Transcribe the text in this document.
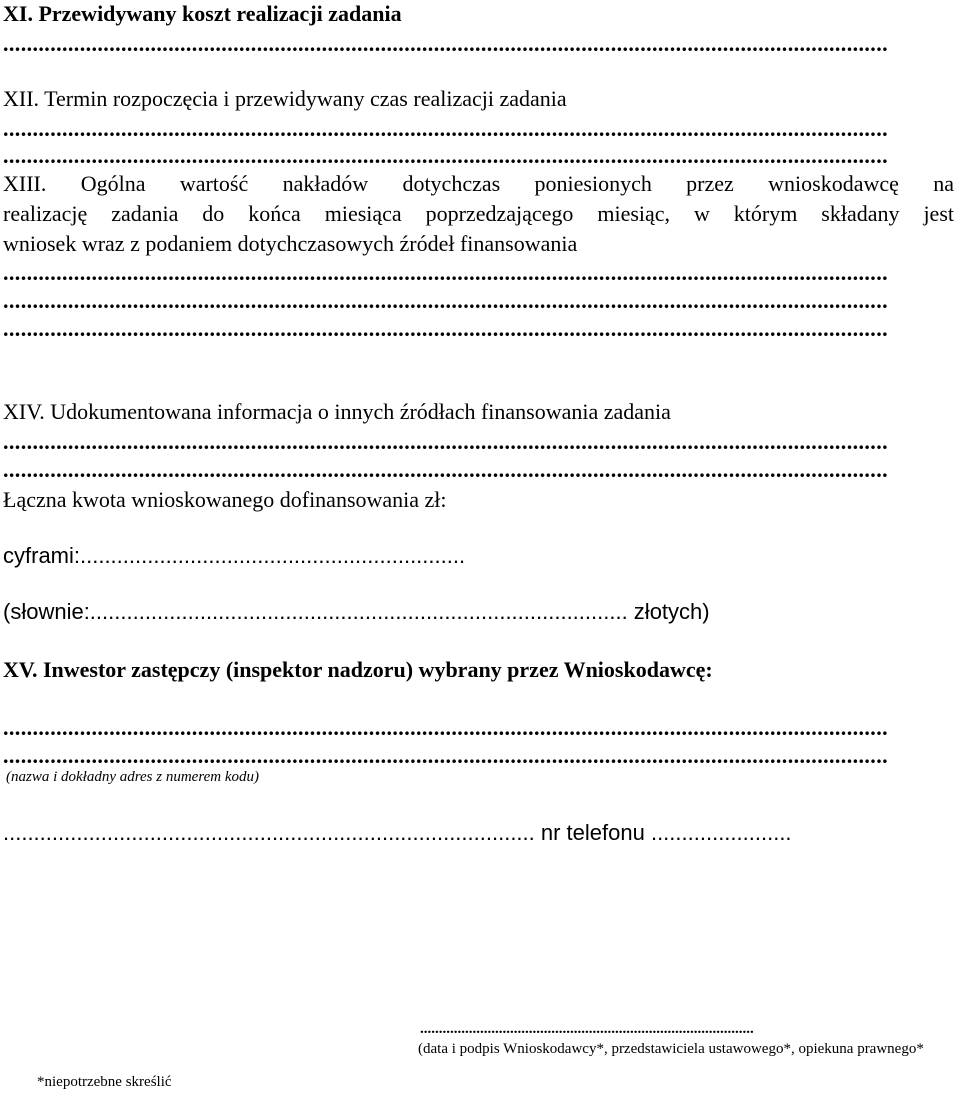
XI. Przewidywany koszt realizacji zadania
......................................................................................................................................................
XII. Termin rozpoczęcia i przewidywany czas realizacji zadania
......................................................................................................................................................
......................................................................................................................................................
XIII. Ogólna wartość nakładów dotychczas poniesionych przez wnioskodawcę na
realizację zadania do końca miesiąca poprzedzającego miesiąc, w którym składany jest
wniosek wraz z podaniem dotychczasowych źródeł finansowania
......................................................................................................................................................
......................................................................................................................................................
......................................................................................................................................................
XIV. Udokumentowana informacja o innych źródłach finansowania zadania
......................................................................................................................................................
......................................................................................................................................................
Łączna kwota wnioskowanego dofinansowania zł:
cyframi:...............................................................
(słownie:........................................................................................ złotych)
XV. Inwestor zastępczy (inspektor nadzoru) wybrany przez Wnioskodawcę:
......................................................................................................................................................
......................................................................................................................................................
(nazwa i dokładny adres z numerem kodu)
....................................................................................... nr telefonu .......................
.........................................................................................
(data i podpis Wnioskodawcy*, przedstawiciela ustawowego*, opiekuna prawnego*
*niepotrzebne skreślić
